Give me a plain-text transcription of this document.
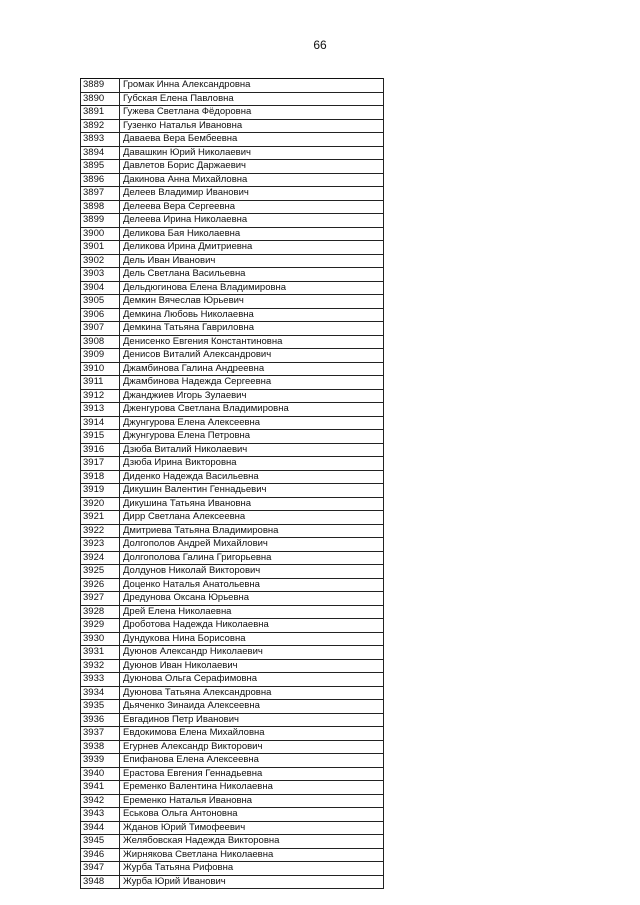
66
3889	Громак Инна Александровна
3890	Губская Елена Павловна
3891	Гужева Светлана Фёдоровна
3892	Гузенко Наталья Ивановна
3893	Даваева Вера Бембеевна
3894	Давашкин Юрий Николаевич
3895	Давлетов Борис Даржаевич
3896	Дакинова Анна Михайловна
3897	Делеев Владимир Иванович
3898	Делеева Вера Сергеевна
3899	Делеева Ирина Николаевна
3900	Деликова Бая Николаевна
3901	Деликова Ирина Дмитриевна
3902	Дель Иван Иванович
3903	Дель Светлана Васильевна
3904	Дельдюгинова Елена Владимировна
3905	Демкин Вячеслав Юрьевич
3906	Демкина Любовь Николаевна
3907	Демкина Татьяна Гавриловна
3908	Денисенко Евгения Константиновна
3909	Денисов Виталий Александрович
3910	Джамбинова Галина Андреевна
3911	Джамбинова Надежда Сергеевна
3912	Джанджиев Игорь Зулаевич
3913	Дженгурова Светлана Владимировна
3914	Джунгурова Елена Алексеевна
3915	Джунгурова Елена Петровна
3916	Дзюба Виталий Николаевич
3917	Дзюба Ирина Викторовна
3918	Диденко Надежда Васильевна
3919	Дикушин Валентин Геннадьевич
3920	Дикушина Татьяна Ивановна
3921	Дирр Светлана Алексеевна
3922	Дмитриева Татьяна Владимировна
3923	Долгополов Андрей Михайлович
3924	Долгополова Галина Григорьевна
3925	Долдунов Николай Викторович
3926	Доценко Наталья Анатольевна
3927	Дредунова Оксана Юрьевна
3928	Дрей Елена Николаевна
3929	Дроботова Надежда Николаевна
3930	Дундукова Нина Борисовна
3931	Дуюнов Александр Николаевич
3932	Дуюнов Иван Николаевич
3933	Дуюнова Ольга Серафимовна
3934	Дуюнова Татьяна Александровна
3935	Дьяченко Зинаида Алексеевна
3936	Евгадинов Петр Иванович
3937	Евдокимова Елена Михайловна
3938	Егурнев Александр Викторович
3939	Епифанова Елена Алексеевна
3940	Ерастова Евгения Геннадьевна
3941	Еременко Валентина Николаевна
3942	Еременко Наталья Ивановна
3943	Еськова Ольга Антоновна
3944	Жданов Юрий Тимофеевич
3945	Желябовская Надежда Викторовна
3946	Жирнякова Светлана Николаевна
3947	Журба Татьяна Рифовна
3948	Журба Юрий Иванович
